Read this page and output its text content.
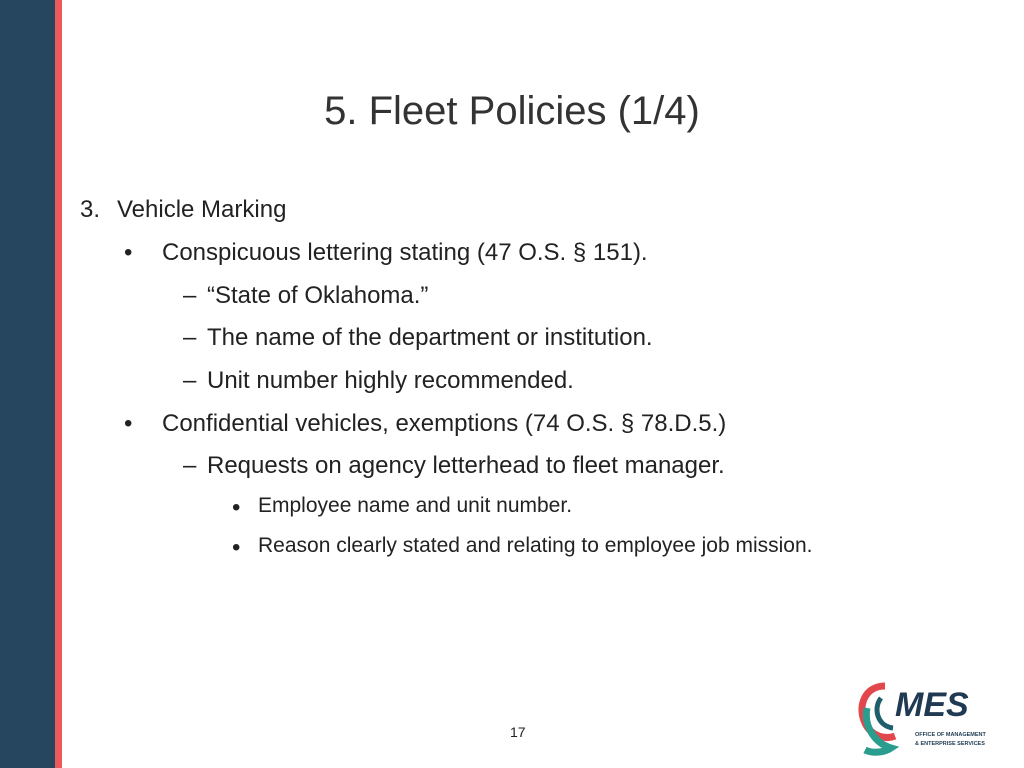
5. Fleet Policies (1/4)
3. Vehicle Marking
• Conspicuous lettering stating (47 O.S. § 151).
– “State of Oklahoma.”
– The name of the department or institution.
– Unit number highly recommended.
• Confidential vehicles, exemptions (74 O.S. § 78.D.5.)
– Requests on agency letterhead to fleet manager.
• Employee name and unit number.
• Reason clearly stated and relating to employee job mission.
17
MES
OFFICE OF MANAGEMENT
& ENTERPRISE SERVICES
